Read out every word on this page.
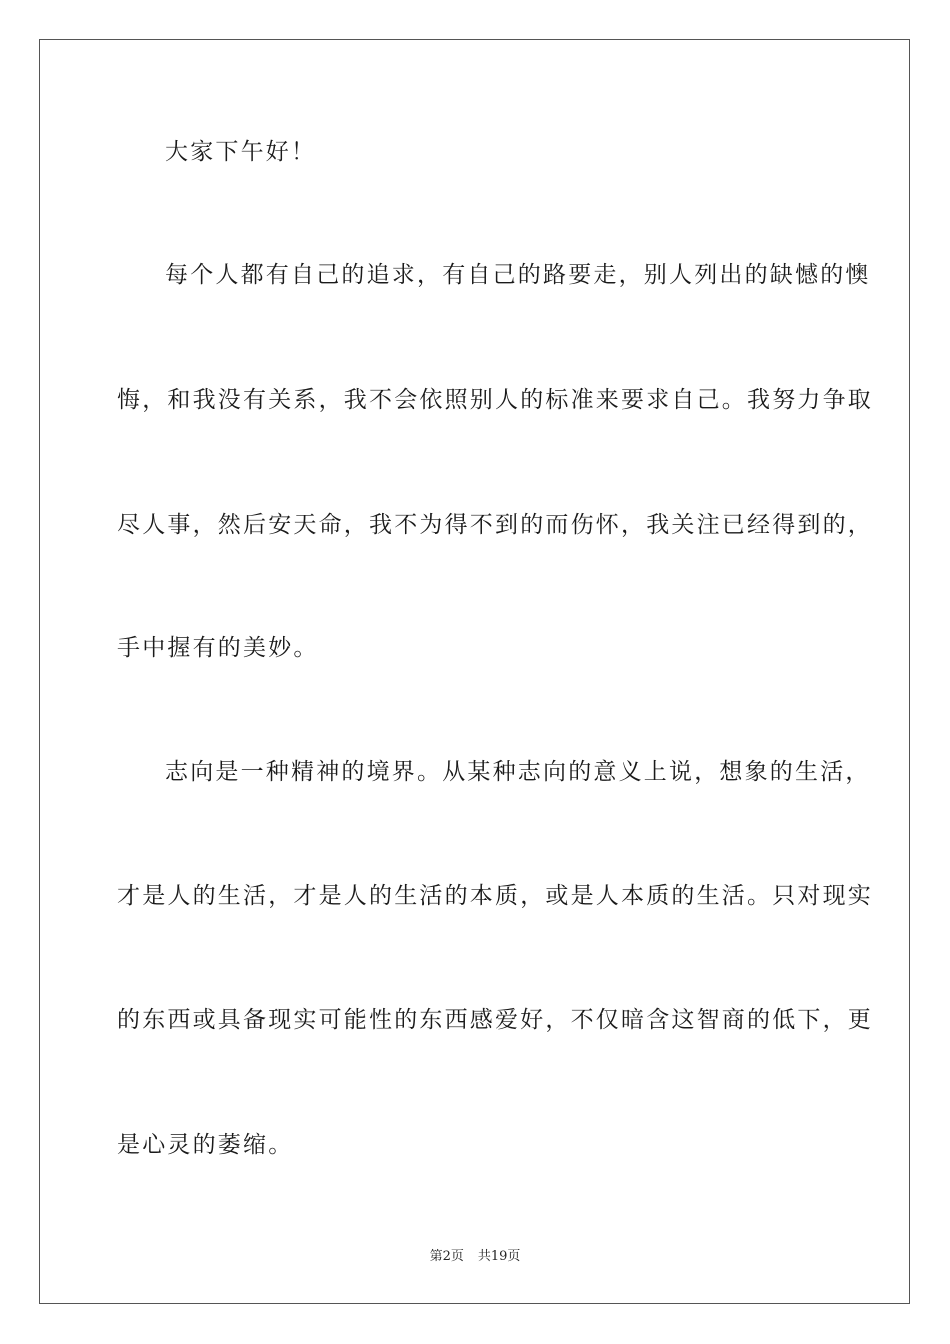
大家下午好！
每个人都有自己的追求，有自己的路要走，别人列出的缺憾的懊
悔，和我没有关系，我不会依照别人的标准来要求自己。我努力争取
尽人事，然后安天命，我不为得不到的而伤怀，我关注已经得到的，
手中握有的美妙。
志向是一种精神的境界。从某种志向的意义上说，想象的生活，
才是人的生活，才是人的生活的本质，或是人本质的生活。只对现实
的东西或具备现实可能性的东西感爱好，不仅暗含这智商的低下，更
是心灵的萎缩。
第2页 共19页
